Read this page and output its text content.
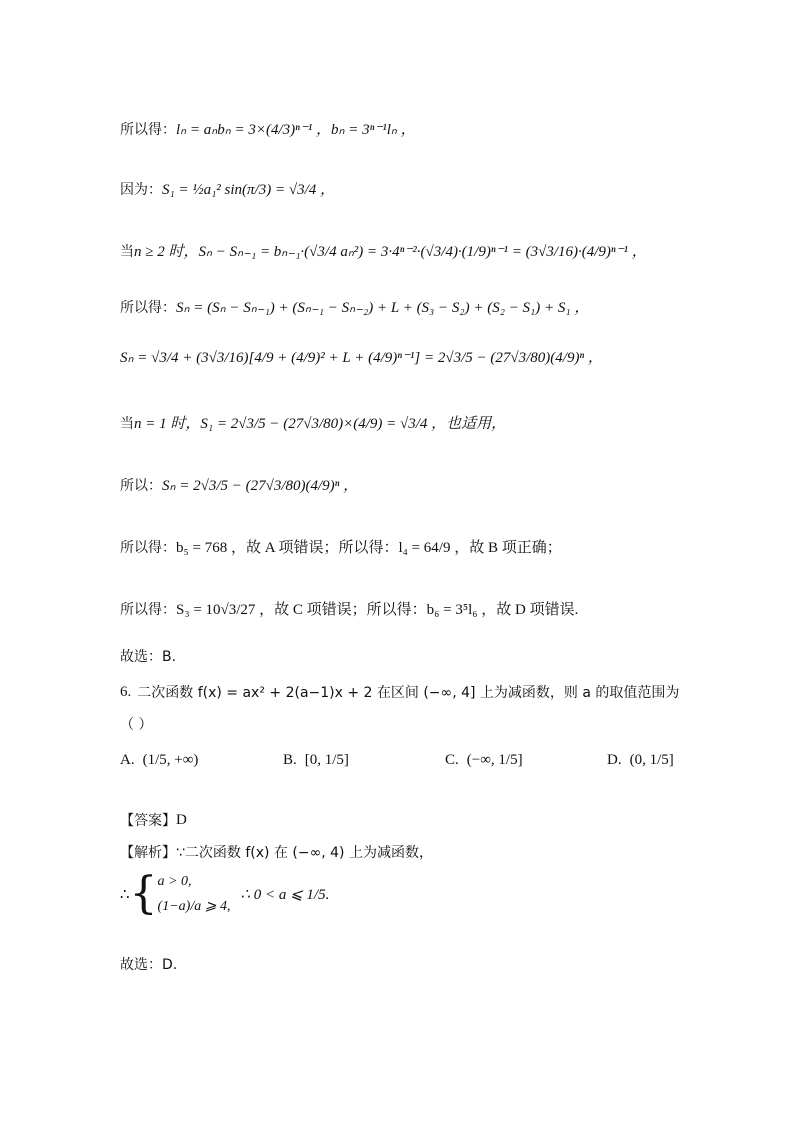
所以得： lₙ = aₙbₙ = 3×(4/3)ⁿ⁻¹ ，bₙ = 3ⁿ⁻¹lₙ ，
因为： S₁ = ½a₁² sin(π/3) = √3/4 ，
当 n ≥ 2 时，Sₙ − Sₙ₋₁ = bₙ₋₁·(√3/4 aₙ²) = 3·4ⁿ⁻²·(√3/4)·(1/9)ⁿ⁻¹ = (3√3/16)·(4/9)ⁿ⁻¹ ，
所以得： Sₙ = (Sₙ − Sₙ₋₁) + (Sₙ₋₁ − Sₙ₋₂) + L + (S₃ − S₂) + (S₂ − S₁) + S₁ ，
Sₙ = √3/4 + (3√3/16)[4/9 + (4/9)² + L + (4/9)ⁿ⁻¹] = 2√3/5 − (27√3/80)(4/9)ⁿ ，
当 n = 1 时，S₁ = 2√3/5 − (27√3/80)×(4/9) = √3/4 ，也适用，
所以： Sₙ = 2√3/5 − (27√3/80)(4/9)ⁿ ，
所以得： b₅ = 768 ，故 A 项错误；所以得：l₄ = 64/9 ，故 B 项正确；
所以得： S₃ = 10√3/27 ，故 C 项错误；所以得：b₆ = 3⁵l₆ ，故 D 项错误.
故选：B.
6. 二次函数 f(x) = ax² + 2(a−1)x + 2 在区间 (−∞, 4] 上为减函数，则 a 的取值范围为
（ ）
A. (1/5, +∞)	B. [0, 1/5]	C. (−∞, 1/5]	D. (0, 1/5]
【答案】 D
【解析】 ∵二次函数 f(x) 在 (−∞, 4) 上为减函数，
∴ { a > 0,
(1−a)/a ⩾ 4,
∴ 0 < a ⩽ 1/5.
故选：D.
